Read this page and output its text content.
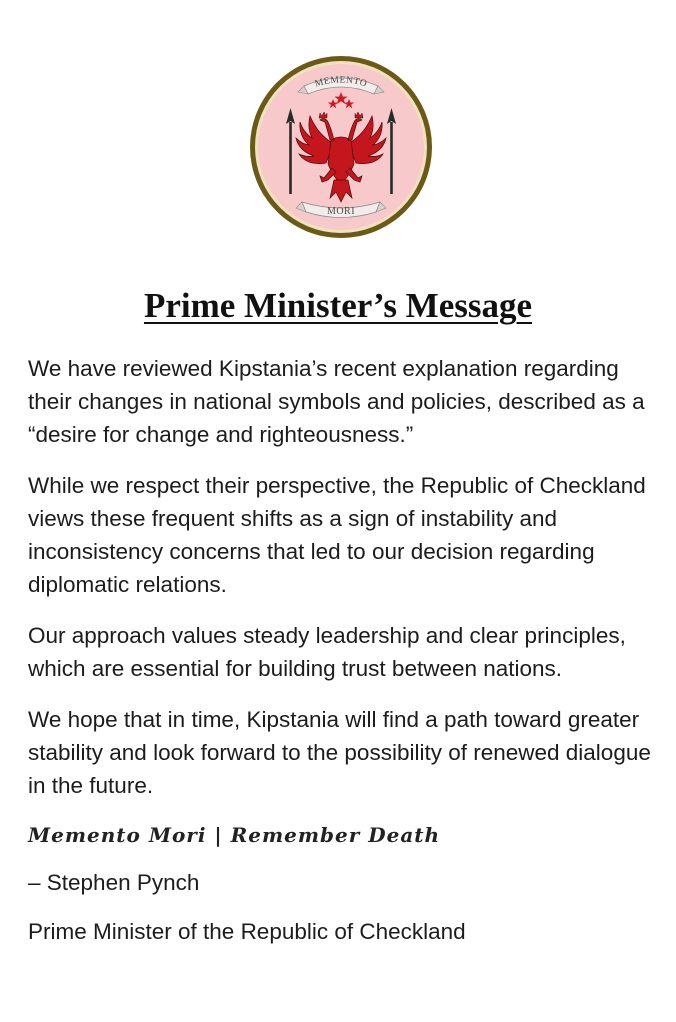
MEMENTO
MORI
Prime Minister’s Message

We have reviewed Kipstania’s recent explanation regarding their changes in national symbols and policies, described as a “desire for change and righteousness.”

While we respect their perspective, the Republic of Checkland views these frequent shifts as a sign of instability and inconsistency concerns that led to our decision regarding diplomatic relations.

Our approach values steady leadership and clear principles, which are essential for building trust between nations.

We hope that in time, Kipstania will find a path toward greater stability and look forward to the possibility of renewed dialogue in the future.

Memento Mori | Remember Death

– Stephen Pynch

Prime Minister of the Republic of Checkland
